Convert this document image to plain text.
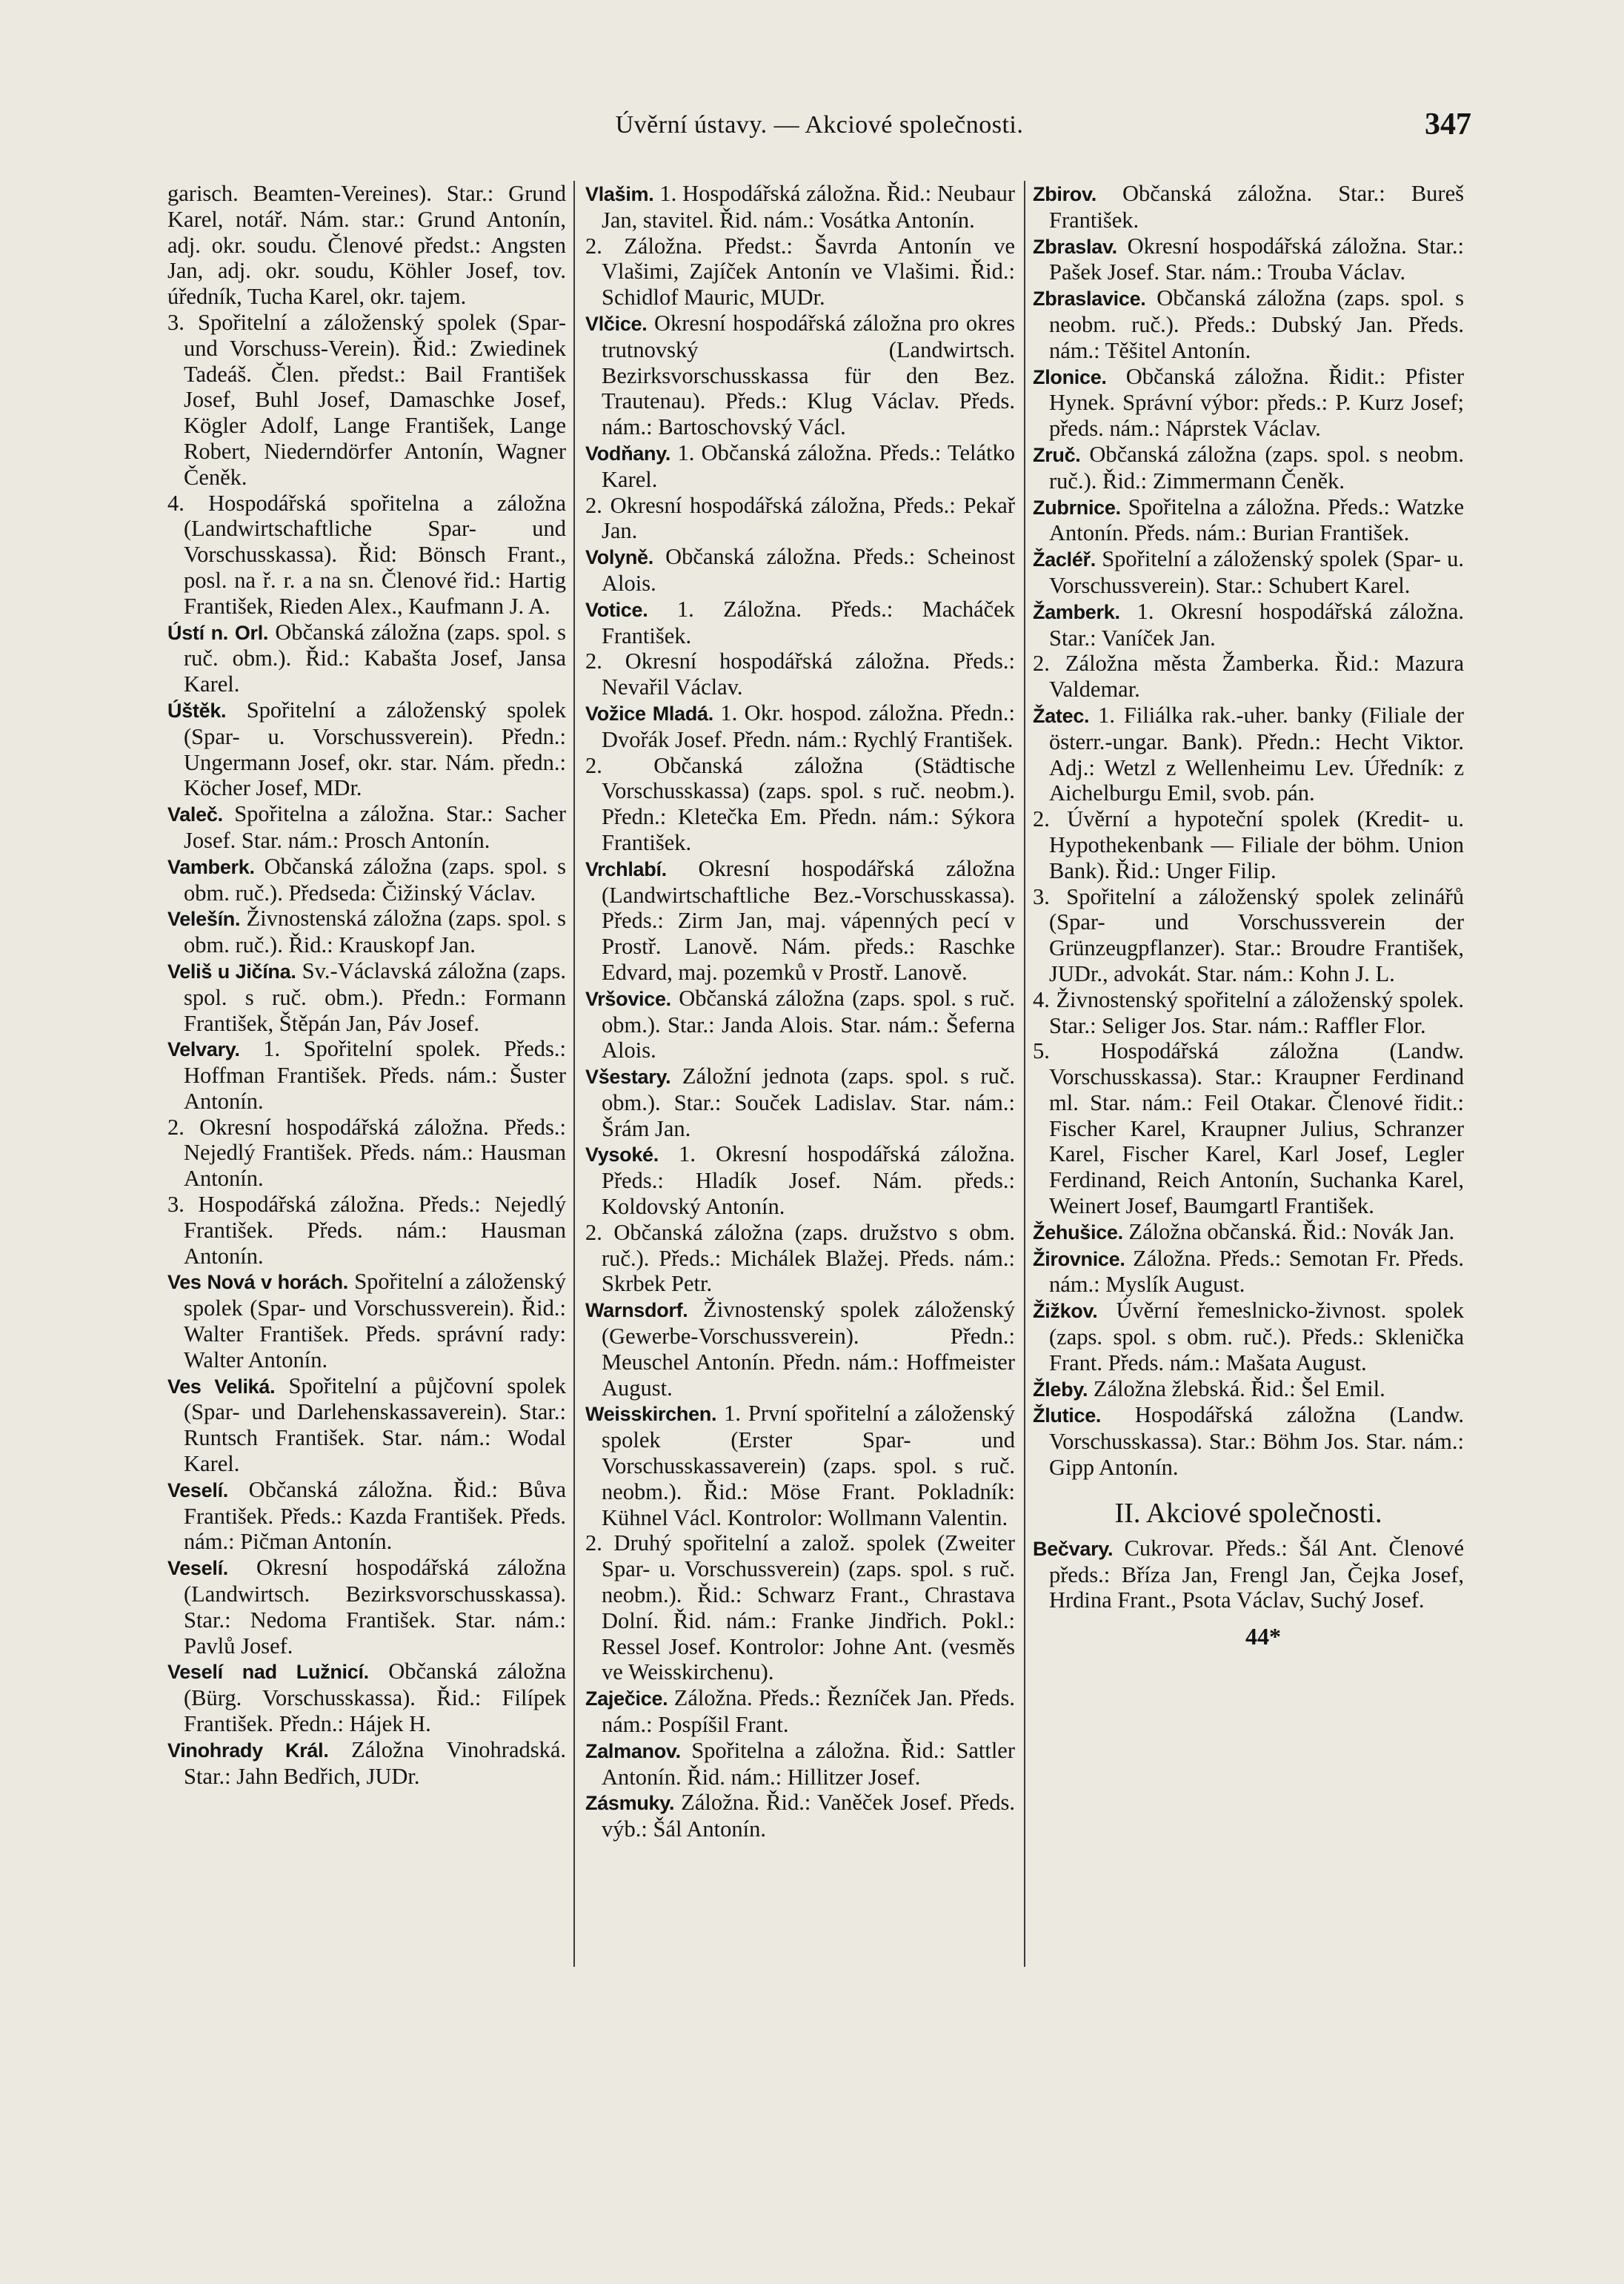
Úvěrní ústavy. — Akciové společnosti.	347

garisch. Beamten-Vereines). Star.: Grund Karel, notář. Nám. star.: Grund Antonín, adj. okr. soudu. Členové předst.: Angsten Jan, adj. okr. soudu, Köhler Josef, tov. úředník, Tucha Karel, okr. tajem.

3. Spořitelní a záloženský spolek (Spar- und Vorschuss-Verein). Řid.: Zwiedinek Tadeáš. Člen. předst.: Bail František Josef, Buhl Josef, Damaschke Josef, Kögler Adolf, Lange František, Lange Robert, Niederndörfer Antonín, Wagner Čeněk.

4. Hospodářská spořitelna a záložna (Landwirtschaftliche Spar- und Vorschusskassa). Řid: Bönsch Frant., posl. na ř. r. a na sn. Členové řid.: Hartig František, Rieden Alex., Kaufmann J. A.

Ústí n. Orl. Občanská záložna (zaps. spol. s ruč. obm.). Řid.: Kabašta Josef, Jansa Karel.

Úštěk. Spořitelní a záloženský spolek (Spar- u. Vorschussverein). Předn.: Ungermann Josef, okr. star. Nám. předn.: Köcher Josef, MDr.

Valeč. Spořitelna a záložna. Star.: Sacher Josef. Star. nám.: Prosch Antonín.

Vamberk. Občanská záložna (zaps. spol. s obm. ruč.). Předseda: Čižinský Václav.

Velešín. Živnostenská záložna (zaps. spol. s obm. ruč.). Řid.: Krauskopf Jan.

Veliš u Jičína. Sv.-Václavská záložna (zaps. spol. s ruč. obm.). Předn.: Formann František, Štěpán Jan, Páv Josef.

Velvary. 1. Spořitelní spolek. Předs.: Hoffman František. Předs. nám.: Šuster Antonín.

2. Okresní hospodářská záložna. Předs.: Nejedlý František. Předs. nám.: Hausman Antonín.

3. Hospodářská záložna. Předs.: Nejedlý František. Předs. nám.: Hausman Antonín.

Ves Nová v horách. Spořitelní a záloženský spolek (Spar- und Vorschussverein). Řid.: Walter František. Předs. správní rady: Walter Antonín.

Ves Veliká. Spořitelní a půjčovní spolek (Spar- und Darlehenskassaverein). Star.: Runtsch František. Star. nám.: Wodal Karel.

Veselí. Občanská záložna. Řid.: Bůva František. Předs.: Kazda František. Předs. nám.: Pičman Antonín.

Veselí. Okresní hospodářská záložna (Landwirtsch. Bezirksvorschusskassa). Star.: Nedoma František. Star. nám.: Pavlů Josef.

Veselí nad Lužnicí. Občanská záložna (Bürg. Vorschusskassa). Řid.: Filípek František. Předn.: Hájek H.

Vinohrady Král. Záložna Vinohradská. Star.: Jahn Bedřich, JUDr.

Vlašim. 1. Hospodářská záložna. Řid.: Neubaur Jan, stavitel. Řid. nám.: Vosátka Antonín.

2. Záložna. Předst.: Šavrda Antonín ve Vlašimi, Zajíček Antonín ve Vlašimi. Řid.: Schidlof Mauric, MUDr.

Vlčice. Okresní hospodářská záložna pro okres trutnovský (Landwirtsch. Bezirksvorschusskassa für den Bez. Trautenau). Předs.: Klug Václav. Předs. nám.: Bartoschovský Václ.

Vodňany. 1. Občanská záložna. Předs.: Telátko Karel.

2. Okresní hospodářská záložna, Předs.: Pekař Jan.

Volyně. Občanská záložna. Předs.: Scheinost Alois.

Votice. 1. Záložna. Předs.: Macháček František.

2. Okresní hospodářská záložna. Předs.: Nevařil Václav.

Vožice Mladá. 1. Okr. hospod. záložna. Předn.: Dvořák Josef. Předn. nám.: Rychlý František.

2. Občanská záložna (Städtische Vorschusskassa) (zaps. spol. s ruč. neobm.). Předn.: Kletečka Em. Předn. nám.: Sýkora František.

Vrchlabí. Okresní hospodářská záložna (Landwirtschaftliche Bez.-Vorschusskassa). Předs.: Zirm Jan, maj. vápenných pecí v Prostř. Lanově. Nám. předs.: Raschke Edvard, maj. pozemků v Prostř. Lanově.

Vršovice. Občanská záložna (zaps. spol. s ruč. obm.). Star.: Janda Alois. Star. nám.: Šeferna Alois.

Všestary. Záložní jednota (zaps. spol. s ruč. obm.). Star.: Souček Ladislav. Star. nám.: Šrám Jan.

Vysoké. 1. Okresní hospodářská záložna. Předs.: Hladík Josef. Nám. předs.: Koldovský Antonín.

2. Občanská záložna (zaps. družstvo s obm. ruč.). Předs.: Michálek Blažej. Předs. nám.: Skrbek Petr.

Warnsdorf. Živnostenský spolek záloženský (Gewerbe-Vorschussverein). Předn.: Meuschel Antonín. Předn. nám.: Hoffmeister August.

Weisskirchen. 1. První spořitelní a záloženský spolek (Erster Spar- und Vorschusskassaverein) (zaps. spol. s ruč. neobm.). Řid.: Möse Frant. Pokladník: Kühnel Václ. Kontrolor: Wollmann Valentin.

2. Druhý spořitelní a založ. spolek (Zweiter Spar- u. Vorschussverein) (zaps. spol. s ruč. neobm.). Řid.: Schwarz Frant., Chrastava Dolní. Řid. nám.: Franke Jindřich. Pokl.: Ressel Josef. Kontrolor: Johne Ant. (vesměs ve Weisskirchenu).

Zaječice. Záložna. Předs.: Řezníček Jan. Předs. nám.: Pospíšil Frant.

Zalmanov. Spořitelna a záložna. Řid.: Sattler Antonín. Řid. nám.: Hillitzer Josef.

Zásmuky. Záložna. Řid.: Vaněček Josef. Předs. výb.: Šál Antonín.

Zbirov. Občanská záložna. Star.: Bureš František.

Zbraslav. Okresní hospodářská záložna. Star.: Pašek Josef. Star. nám.: Trouba Václav.

Zbraslavice. Občanská záložna (zaps. spol. s neobm. ruč.). Předs.: Dubský Jan. Předs. nám.: Těšitel Antonín.

Zlonice. Občanská záložna. Řidit.: Pfister Hynek. Správní výbor: předs.: P. Kurz Josef; předs. nám.: Náprstek Václav.

Zruč. Občanská záložna (zaps. spol. s neobm. ruč.). Řid.: Zimmermann Čeněk.

Zubrnice. Spořitelna a záložna. Předs.: Watzke Antonín. Předs. nám.: Burian František.

Žacléř. Spořitelní a záloženský spolek (Spar- u. Vorschussverein). Star.: Schubert Karel.

Žamberk. 1. Okresní hospodářská záložna. Star.: Vaníček Jan.

2. Záložna města Žamberka. Řid.: Mazura Valdemar.

Žatec. 1. Filiálka rak.-uher. banky (Filiale der österr.-ungar. Bank). Předn.: Hecht Viktor. Adj.: Wetzl z Wellenheimu Lev. Úředník: z Aichelburgu Emil, svob. pán.

2. Úvěrní a hypoteční spolek (Kredit- u. Hypothekenbank — Filiale der böhm. Union Bank). Řid.: Unger Filip.

3. Spořitelní a záloženský spolek zelinářů (Spar- und Vorschussverein der Grünzeugpflanzer). Star.: Broudre František, JUDr., advokát. Star. nám.: Kohn J. L.

4. Živnostenský spořitelní a záloženský spolek. Star.: Seliger Jos. Star. nám.: Raffler Flor.

5. Hospodářská záložna (Landw. Vorschusskassa). Star.: Kraupner Ferdinand ml. Star. nám.: Feil Otakar. Členové řidit.: Fischer Karel, Kraupner Julius, Schranzer Karel, Fischer Karel, Karl Josef, Legler Ferdinand, Reich Antonín, Suchanka Karel, Weinert Josef, Baumgartl František.

Žehušice. Záložna občanská. Řid.: Novák Jan.

Žirovnice. Záložna. Předs.: Semotan Fr. Předs. nám.: Myslík August.

Žižkov. Úvěrní řemeslnicko-živnost. spolek (zaps. spol. s obm. ruč.). Předs.: Sklenička Frant. Předs. nám.: Mašata August.

Žleby. Záložna žlebská. Řid.: Šel Emil.

Žlutice. Hospodářská záložna (Landw. Vorschusskassa). Star.: Böhm Jos. Star. nám.: Gipp Antonín.

II. Akciové společnosti.

Bečvary. Cukrovar. Předs.: Šál Ant. Členové předs.: Bříza Jan, Frengl Jan, Čejka Josef, Hrdina Frant., Psota Václav, Suchý Josef.

44*
